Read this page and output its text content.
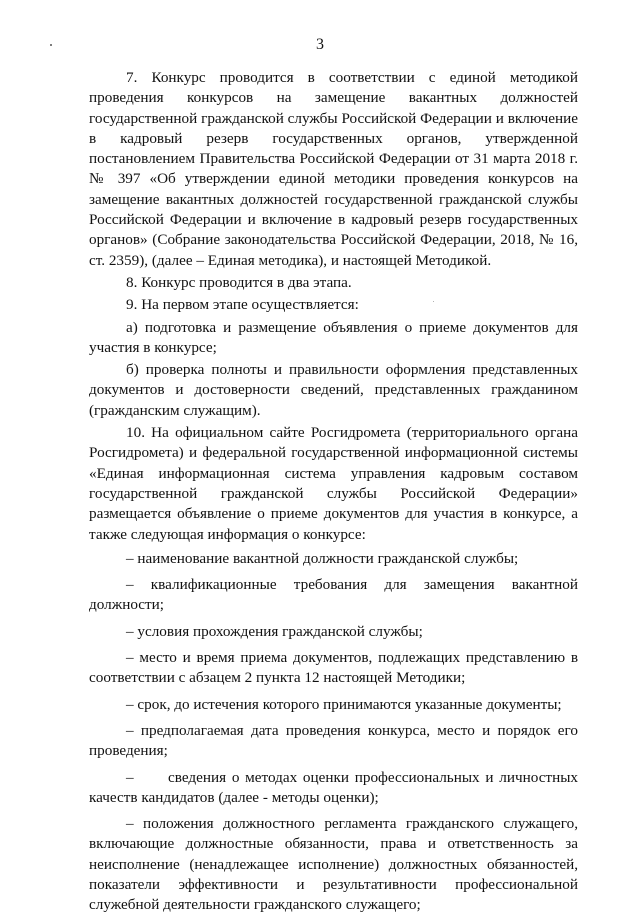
3

7. Конкурс проводится в соответствии с единой методикой проведения конкурсов на замещение вакантных должностей государственной гражданской службы Российской Федерации и включение в кадровый резерв государственных органов, утвержденной постановлением Правительства Российской Федерации от 31 марта 2018 г. № 397 «Об утверждении единой методики проведения конкурсов на замещение вакантных должностей государственной гражданской службы Российской Федерации и включение в кадровый резерв государственных органов» (Собрание законодательства Российской Федерации, 2018, № 16, ст. 2359), (далее – Единая методика), и настоящей Методикой.

8. Конкурс проводится в два этапа.

9. На первом этапе осуществляется:

а) подготовка и размещение объявления о приеме документов для участия в конкурсе;

б) проверка полноты и правильности оформления представленных документов и достоверности сведений, представленных гражданином (гражданским служащим).

10. На официальном сайте Росгидромета (территориального органа Росгидромета) и федеральной государственной информационной системы «Единая информационная система управления кадровым составом государственной гражданской службы Российской Федерации» размещается объявление о приеме документов для участия в конкурсе, а также следующая информация о конкурсе:

– наименование вакантной должности гражданской службы;

– квалификационные требования для замещения вакантной должности;

– условия прохождения гражданской службы;

– место и время приема документов, подлежащих представлению в соответствии с абзацем 2 пункта 12 настоящей Методики;

– срок, до истечения которого принимаются указанные документы;

– предполагаемая дата проведения конкурса, место и порядок его проведения;

–      сведения о методах оценки профессиональных и личностных качеств кандидатов (далее - методы оценки);

– положения должностного регламента гражданского служащего, включающие должностные обязанности, права и ответственность за неисполнение (ненадлежащее исполнение) должностных обязанностей, показатели эффективности и результативности профессиональной служебной деятельности гражданского служащего;
